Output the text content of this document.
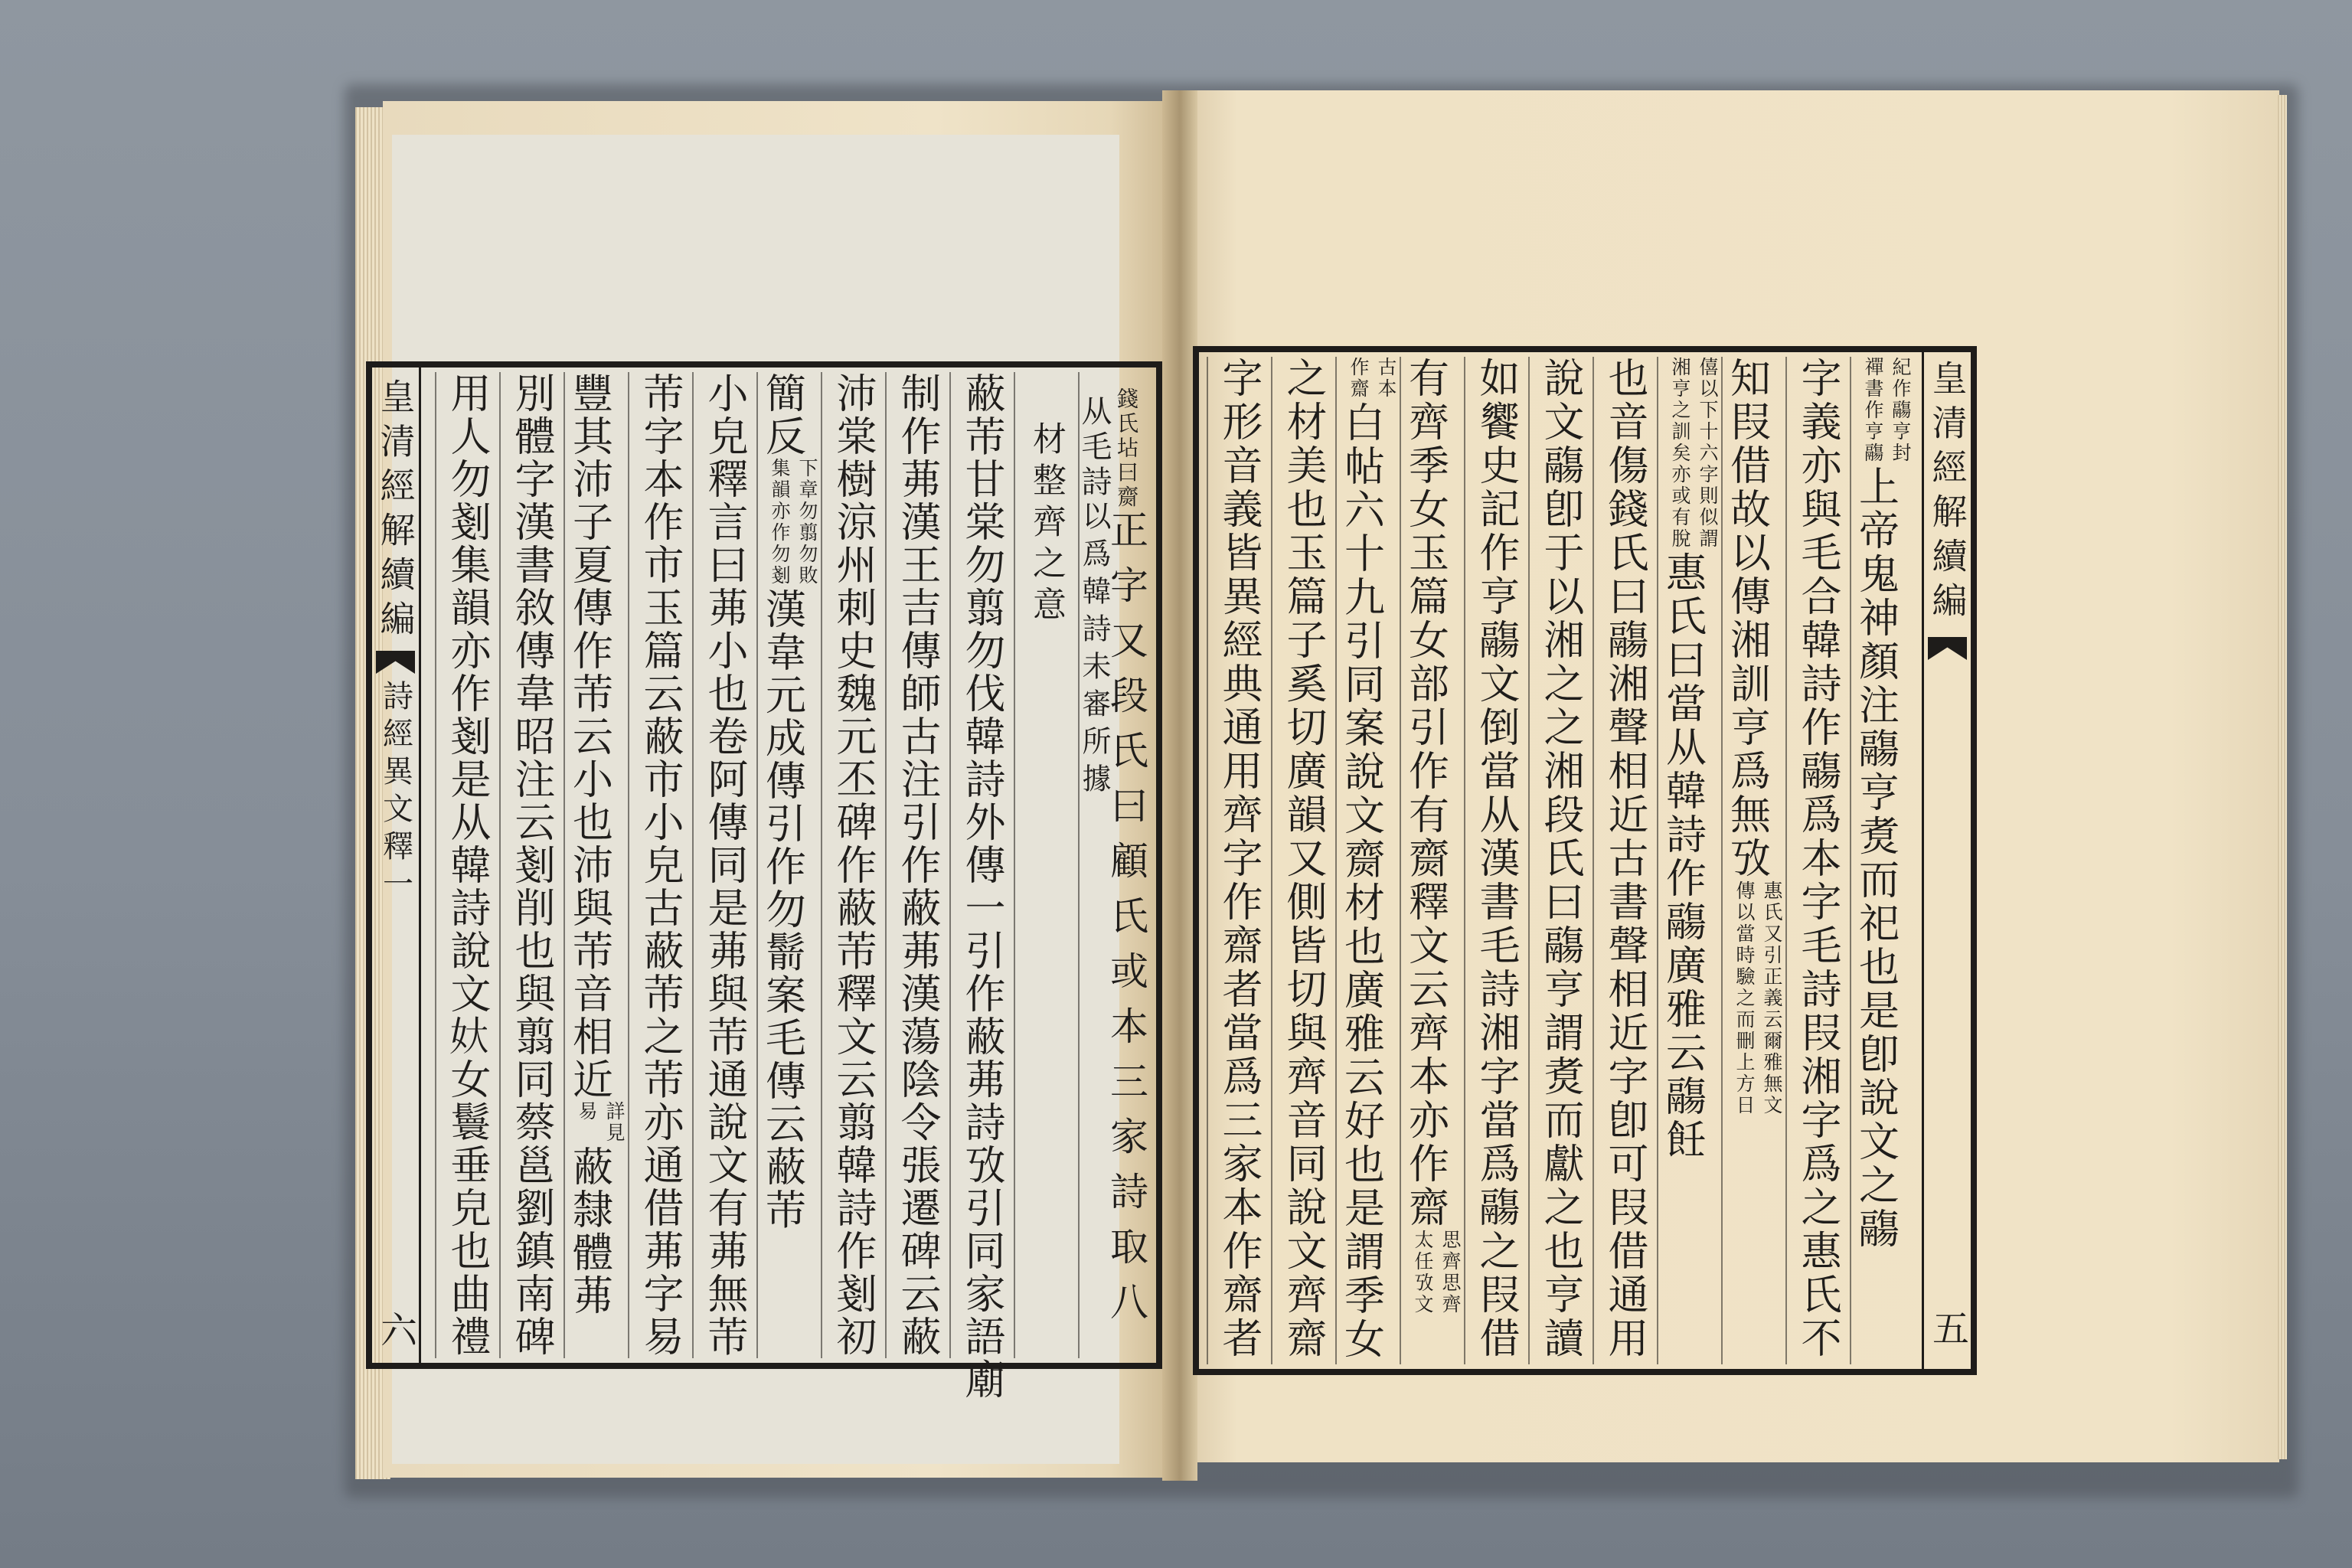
皇清經解續編
五
紀作鬺亨封禪書作亨鬺上帝鬼神顏注鬺亨煑而祀也是卽說文之鬺
字義亦與毛合韓詩作鬺爲本字毛詩叚湘字爲之惠氏不
知叚借故以傳湘訓亨爲無攷惠氏又引正義云爾雅無文傳以當時驗之而刪上方日
僖以下十六字則似謂湘亨之訓矣亦或有脫惠氏曰當从韓詩作鬺廣雅云鬺飪
也音傷錢氏曰鬺湘聲相近古書聲相近字卽可叚借通用
說文鬺卽于以湘之之湘段氏曰鬺亨謂煑而獻之也亨讀
如饗史記作亨鬺文倒當从漢書毛詩湘字當爲鬺之叚借
有齊季女玉篇女部引作有齌釋文云齊本亦作齋思齊思齊太任攷文
古本作齋白帖六十九引同案說文齌材也廣雅云好也是謂季女
之材美也玉篇子奚切廣韻又側皆切與齊音同說文齊齋
字形音義皆異經典通用齊字作齋者當爲三家本作齋者
皇清經解續編
詩經異文釋一
六
錢氏坫曰齌正字又段氏曰顧氏或本三家詩取八
从毛詩以爲韓詩未審所據
材整齊之意
蔽芾甘棠勿翦勿伐韓詩外傳一引作蔽茀詩攷引同家語廟
制作茀漢王吉傳師古注引作蔽茀漢蕩陰令張遷碑云蔽
沛棠樹涼州刺史魏元丕碑作蔽芾釋文云翦韓詩作剗初
簡反下章勿翦勿敗集韻亦作勿剗漢韋元成傳引作勿鬋案毛傳云蔽芾
小皃釋言曰茀小也卷阿傳同是茀與芾通說文有茀無芾
芾字本作市玉篇云蔽市小皃古蔽芾之芾亦通借茀字易
豐其沛子夏傳作芾云小也沛與芾音相近詳見易蔽隸體茀
別體字漢書敘傳韋昭注云剗削也與翦同蔡邕劉鎮南碑
用人勿剗集韻亦作剗是从韓詩說文𡚻女鬟垂皃也曲禮
